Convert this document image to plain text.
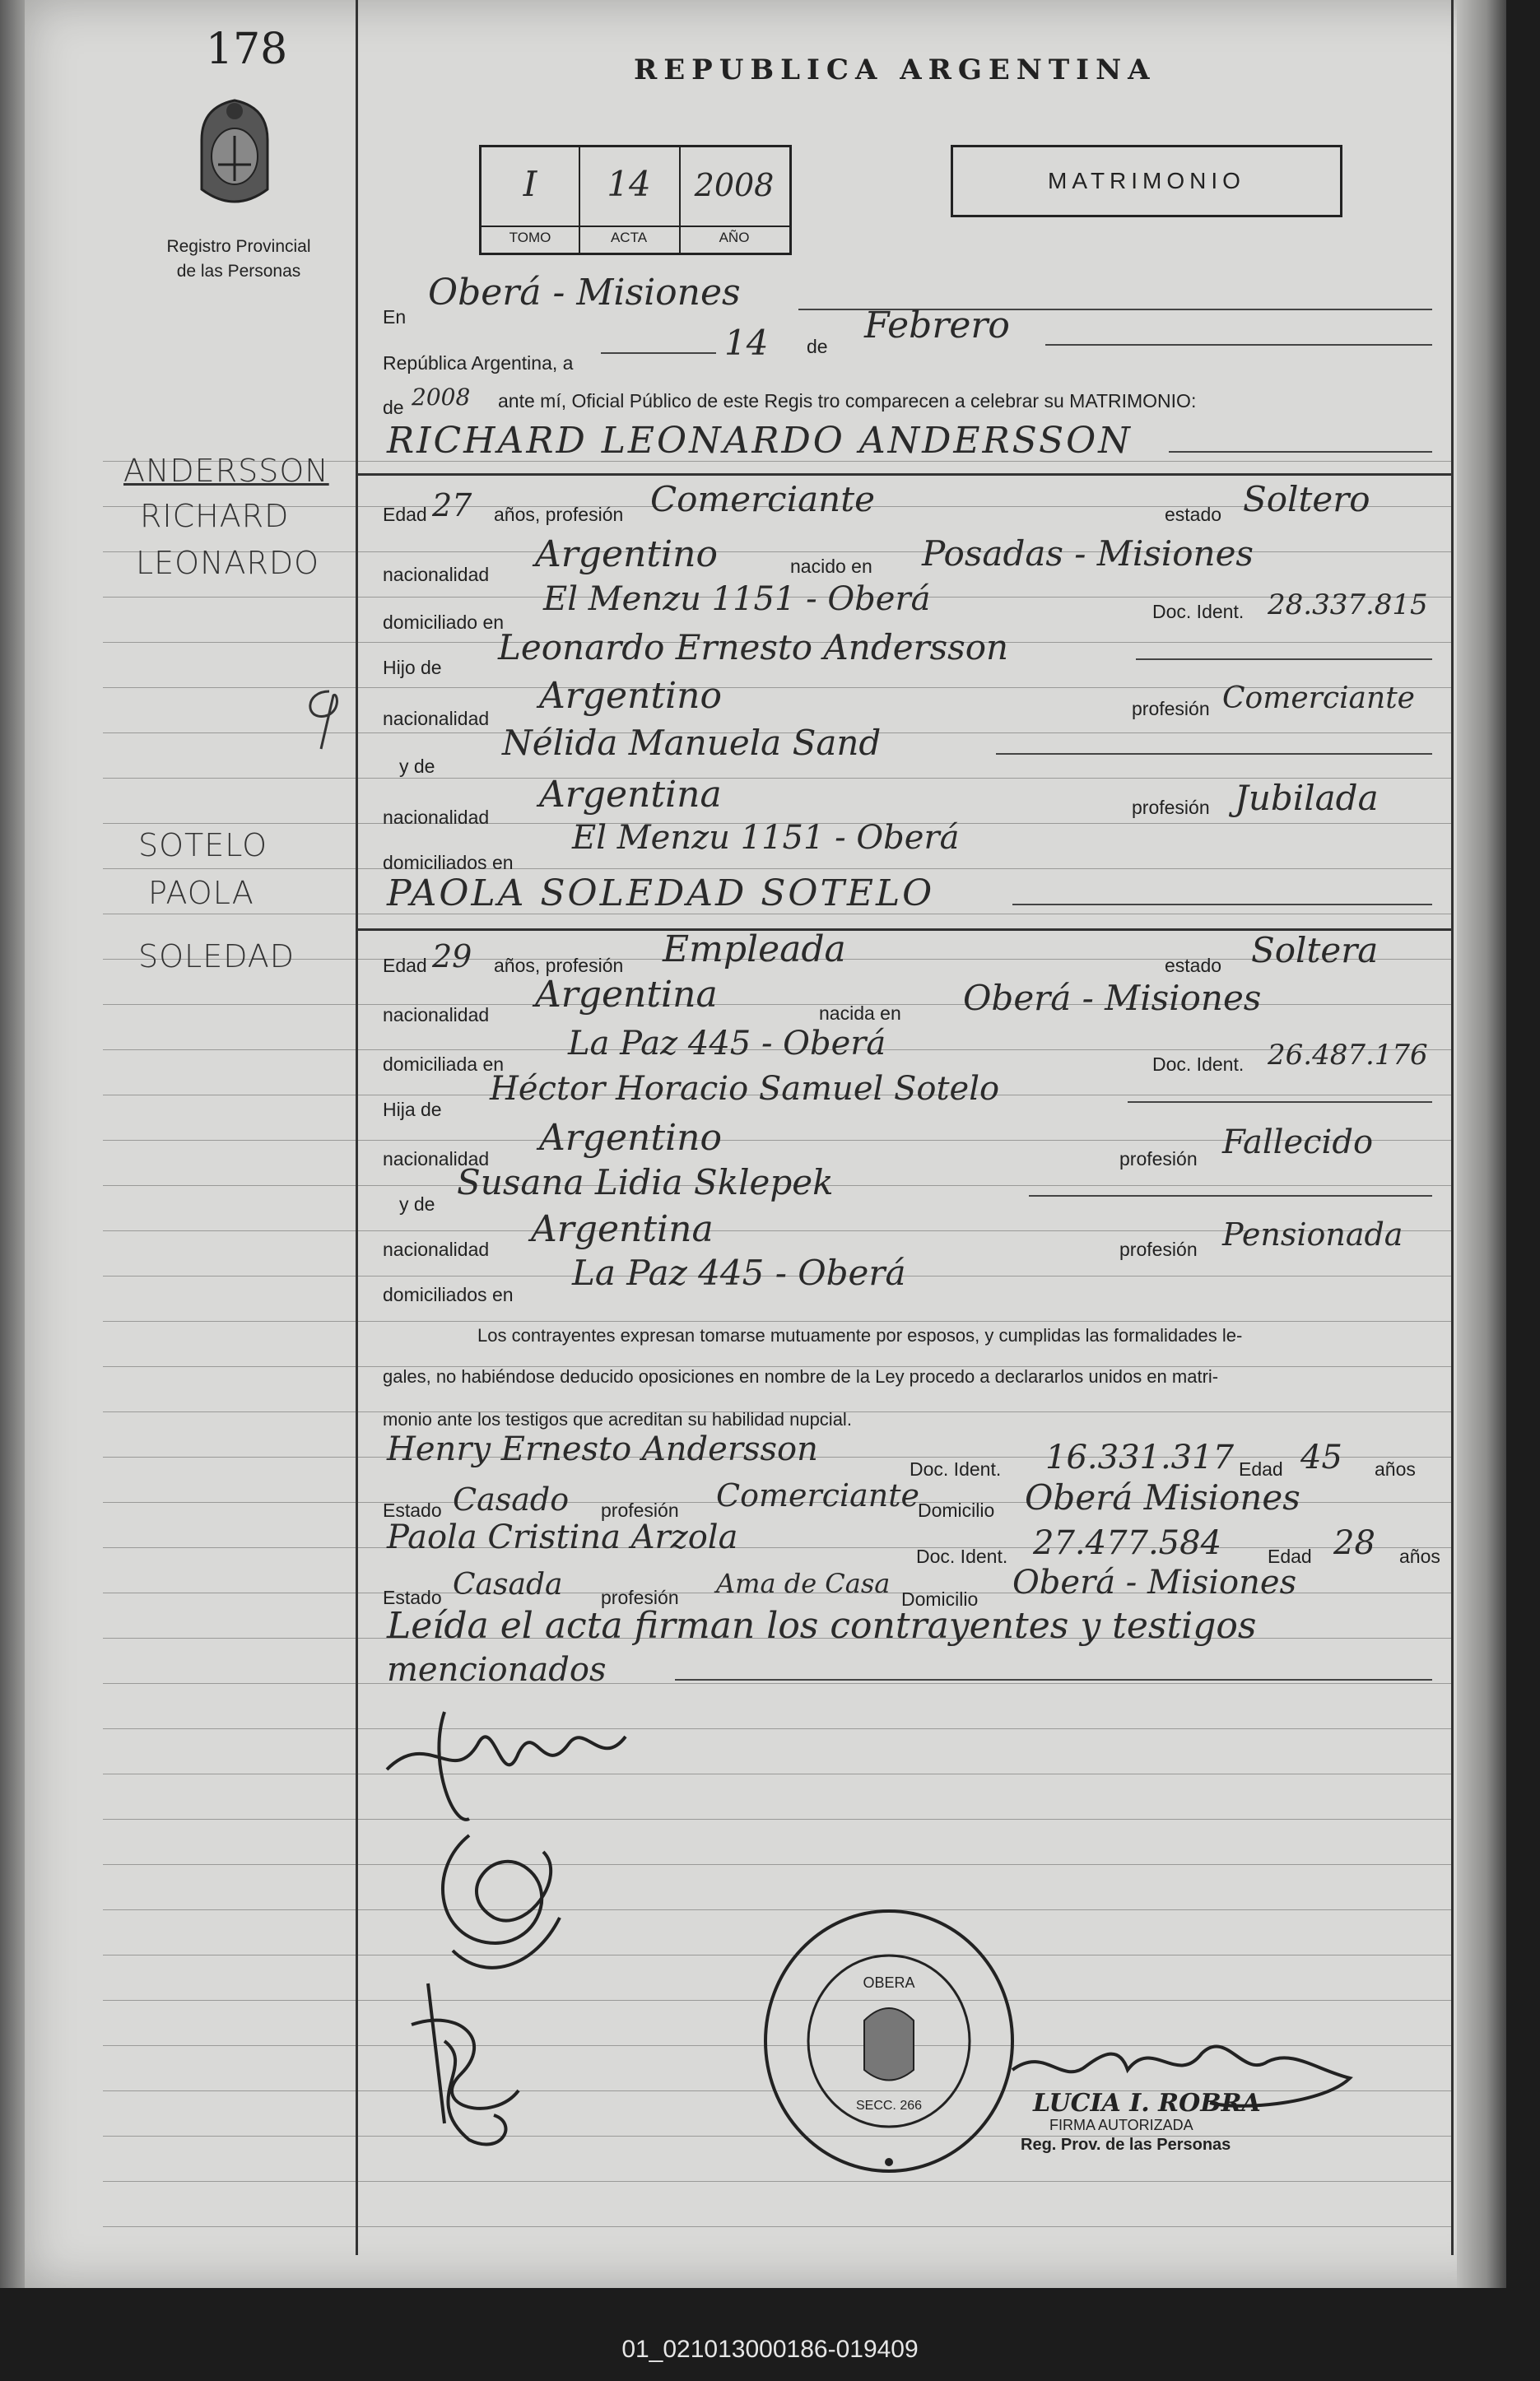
178
Registro Provincial
de las Personas
REPUBLICA ARGENTINA
I	14	2008
TOMO	ACTA	AÑO
MATRIMONIO
En
Oberá - Misiones
República Argentina, a	14 de Febrero
de 2008 ante mí, Oficial Público de este Regis tro comparecen a celebrar su MATRIMONIO:
ANDERSSON
RICHARD
LEONARDO
SOTELO
PAOLA
SOLEDAD
RICHARD LEONARDO ANDERSSON
Edad 27 años, profesión Comerciante	estado Soltero
nacionalidad Argentino	nacido en Posadas - Misiones
domiciliado en
El Menzu 1151 - Oberá	Doc. Ident. 28.337.815
Hijo de Leonardo Ernesto Andersson
nacionalidad
Argentino	profesión Comerciante
y de
Nélida Manuela Sand
nacionalidad
Argentina	profesión Jubilada
domiciliados en
El Menzu 1151 - Oberá
PAOLA SOLEDAD SOTELO
Edad 29 años, profesión Empleada	estado Soltera
nacionalidad Argentina	nacida en Oberá - Misiones
domiciliada en
La Paz 445 - Oberá
Doc. Ident. 26.487.176
Hija de
Héctor Horacio Samuel Sotelo
nacionalidad Argentino	profesión Fallecido
y de
Susana Lidia Sklepek
nacionalidad Argentina	profesión Pensionada
domiciliados en
La Paz 445 - Oberá
Los contrayentes expresan tomarse mutuamente por esposos, y cumplidas las formalidades le-
gales, no habiéndose deducido oposiciones en nombre de la Ley procedo a declararlos unidos en matri-
monio ante los testigos que acreditan su habilidad nupcial.
Henry Ernesto Andersson
Doc. Ident. 16.331.317 Edad 45 años
Estado Casado profesión Comerciante
Domicilio Oberá Misiones
Paola Cristina Arzola	Doc. Ident. 27.477.584 Edad 28 años
Estado Casada profesión Ama de Casa Domicilio Oberá - Misiones
Leída el acta firman los contrayentes y testigos
mencionados
OBERA
SECC. 266	LUCIA I. ROBRA
FIRMA AUTORIZADA
Reg. Prov. de las Personas
01_021013000186-019409
